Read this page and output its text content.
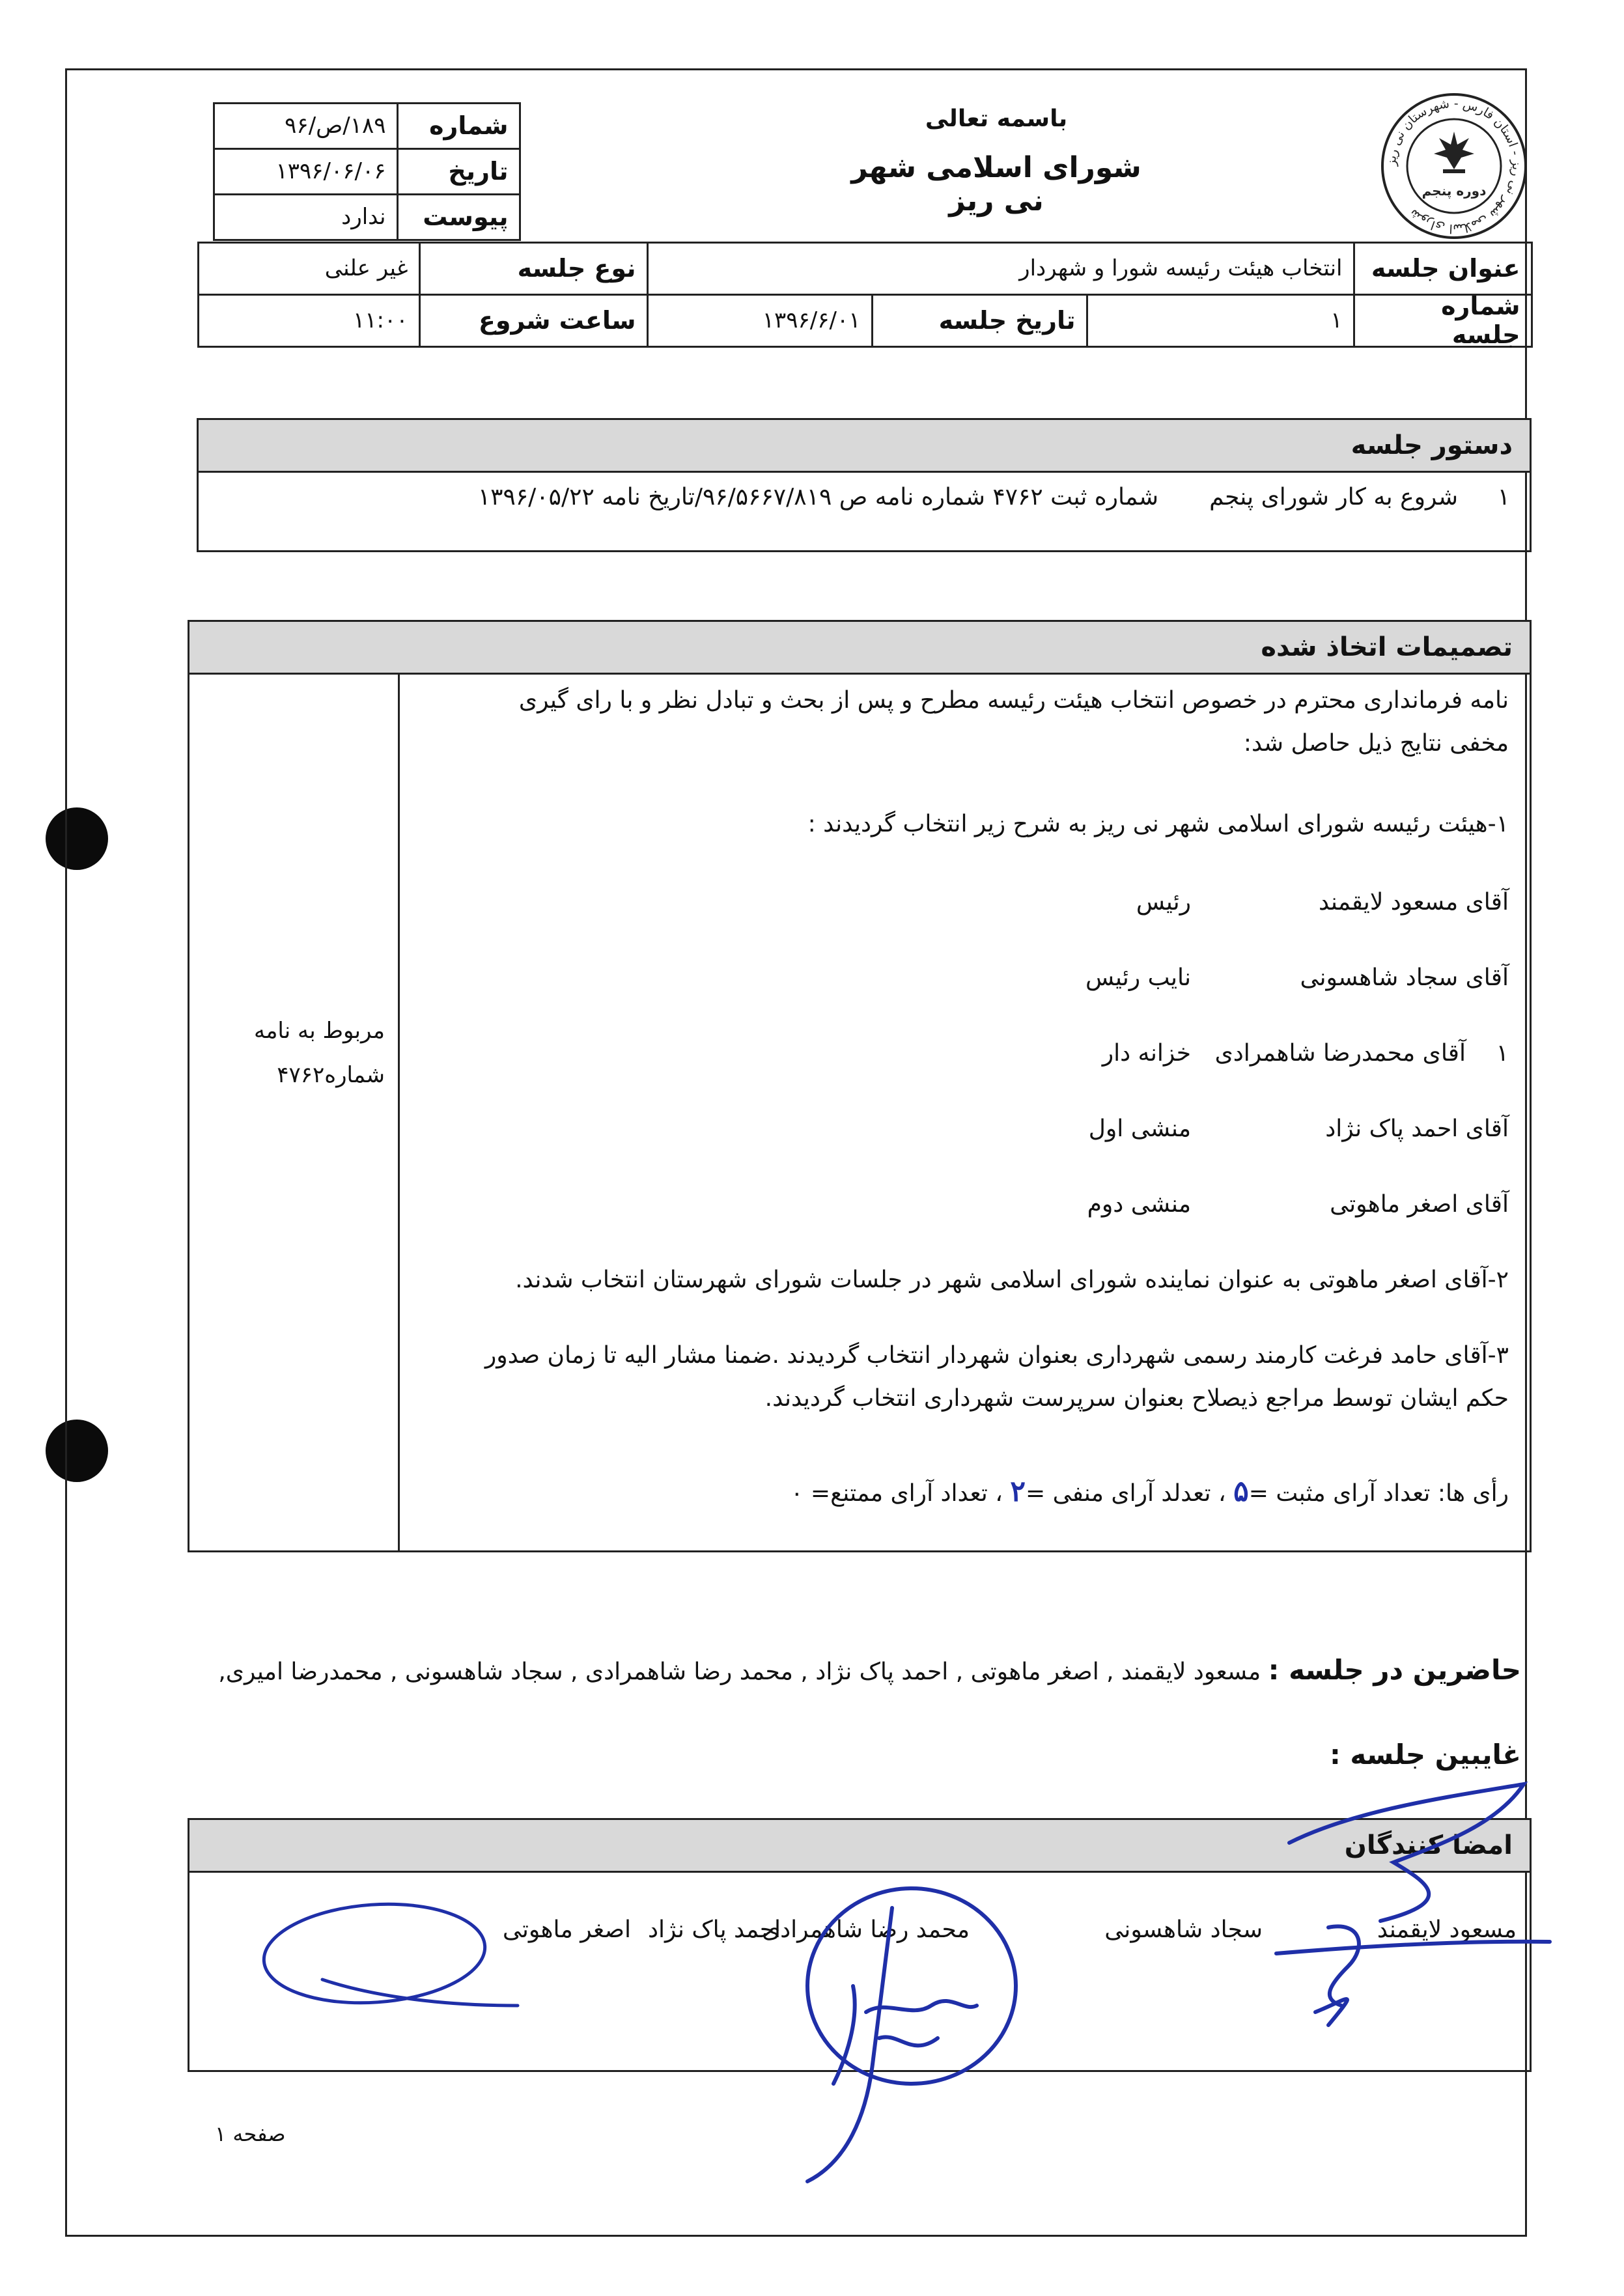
شورای اسلامی شهر نی ریز - استان فارس - شهرستان نی ریز
دوره پنجم
باسمه تعالی
شورای اسلامی شهر نی ریز
۱۸۹/ص/۹۶	شماره
۱۳۹۶/۰۶/۰۶	تاریخ
ندارد	پیوست
غیر علنی	نوع جلسه	انتخاب هیئت رئیسه شورا و شهردار	عنوان جلسه
۱۱:۰۰	ساعت شروع	۱۳۹۶/۶/۰۱	تاریخ جلسه	۱	شماره جلسه
دستور جلسه
۱
شروع به کار شورای پنجم
شماره ثبت ۴۷۶۲ شماره نامه ص ۹۶/۵۶۶۷/۸۱۹/تاریخ نامه ۱۳۹۶/۰۵/۲۲
تصمیمات اتخاذ شده
نامه فرمانداری محترم در خصوص انتخاب هیئت رئیسه مطرح و پس از بحث و تبادل نظر و با رای گیری
مخفی نتایج ذیل حاصل شد:
۱-هیئت رئیسه شورای اسلامی شهر نی ریز به شرح زیر انتخاب گردیدند :
آقای مسعود لایقمند
رئیس
آقای سجاد شاهسونی
نایب رئیس
۱
آقای محمدرضا شاهمرادی
خزانه دار
آقای احمد پاک نژاد
منشی اول
آقای اصغر ماهوتی
منشی دوم
مربوط به نامه
شماره۴۷۶۲
۲-آقای اصغر ماهوتی به عنوان نماینده شورای اسلامی شهر در جلسات شورای شهرستان انتخاب شدند.
۳-آقای حامد فرغت کارمند رسمی شهرداری بعنوان شهردار انتخاب گردیدند .ضمنا مشار الیه تا زمان صدور
حکم ایشان توسط مراجع ذیصلاح بعنوان سرپرست شهرداری انتخاب گردیدند.
رأی ها: تعداد آرای مثبت =۵ ، تعدلد آرای منفی =۲ ، تعداد آرای ممتنع= ۰
حاضرین در جلسه : مسعود لایقمند , اصغر ماهوتی , احمد پاک نژاد , محمد رضا شاهمرادی , سجاد شاهسونی , محمدرضا امیری,
غایبین جلسه :
امضا کنندگان
مسعود لایقمند
سجاد شاهسونی
محمد رضا شاهمرادی
احمد پاک نژاد
اصغر ماهوتی
صفحه ۱
